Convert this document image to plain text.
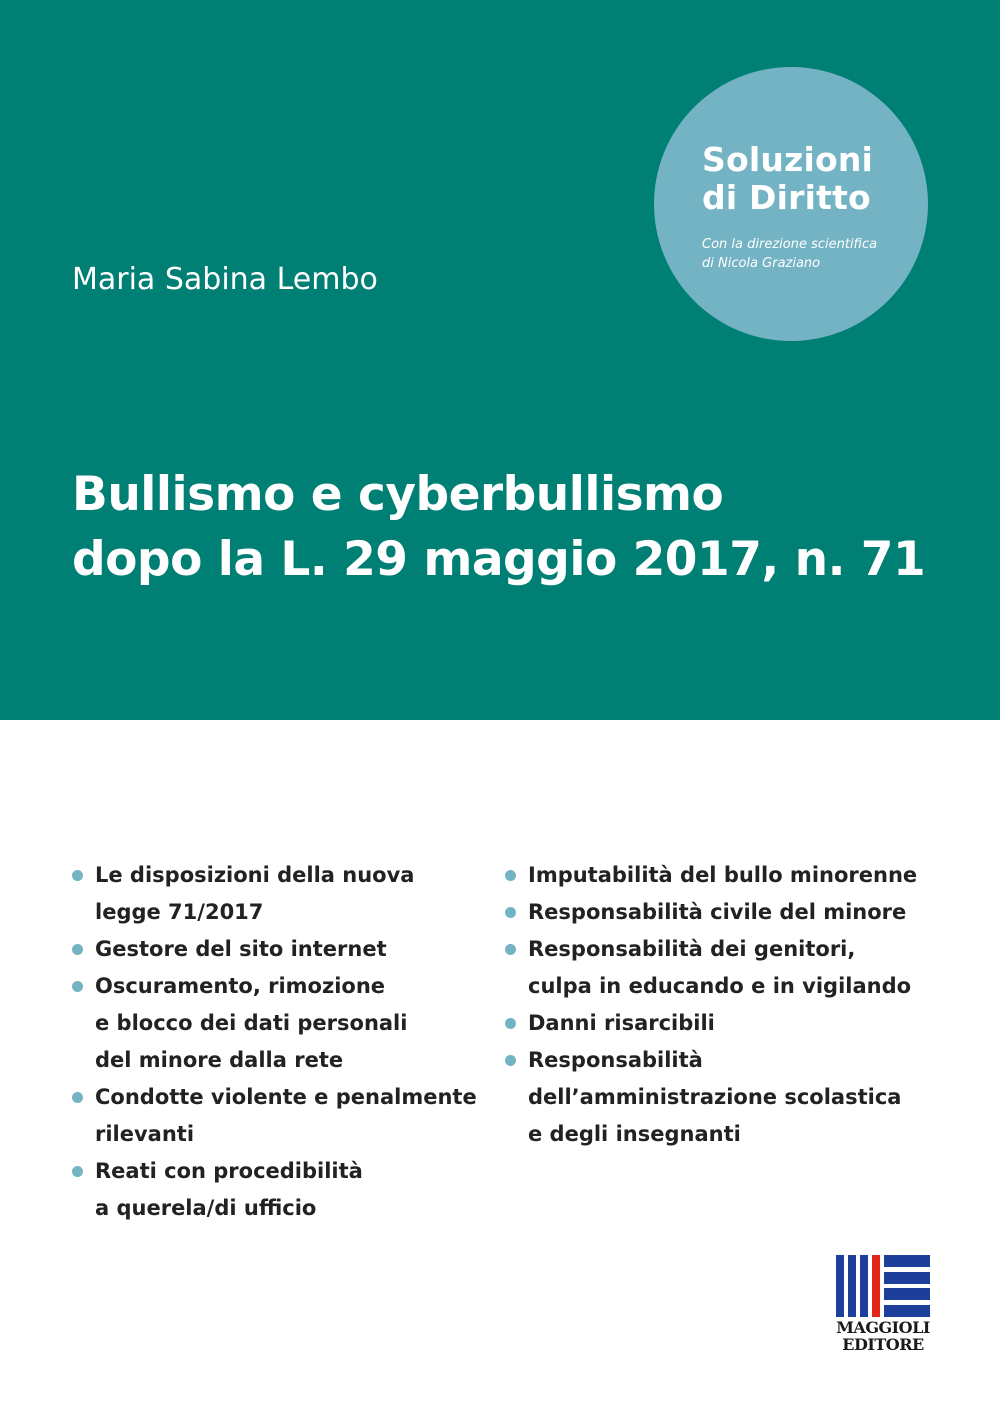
Soluzioni
di Diritto
Con la direzione scientifica
di Nicola Graziano

Maria Sabina Lembo

Bullismo e cyberbullismo
dopo la L. 29 maggio 2017, n. 71
Le disposizioni della nuova
legge 71/2017
Gestore del sito internet
Oscuramento, rimozione
e blocco dei dati personali
del minore dalla rete
Condotte violente e penalmente
rilevanti
Reati con procedibilità
a querela/di ufficio
Imputabilità del bullo minorenne
Responsabilità civile del minore
Responsabilità dei genitori,
culpa in educando e in vigilando
Danni risarcibili
Responsabilità
dell’amministrazione scolastica
e degli insegnanti
MAGGIOLI
EDITORE
